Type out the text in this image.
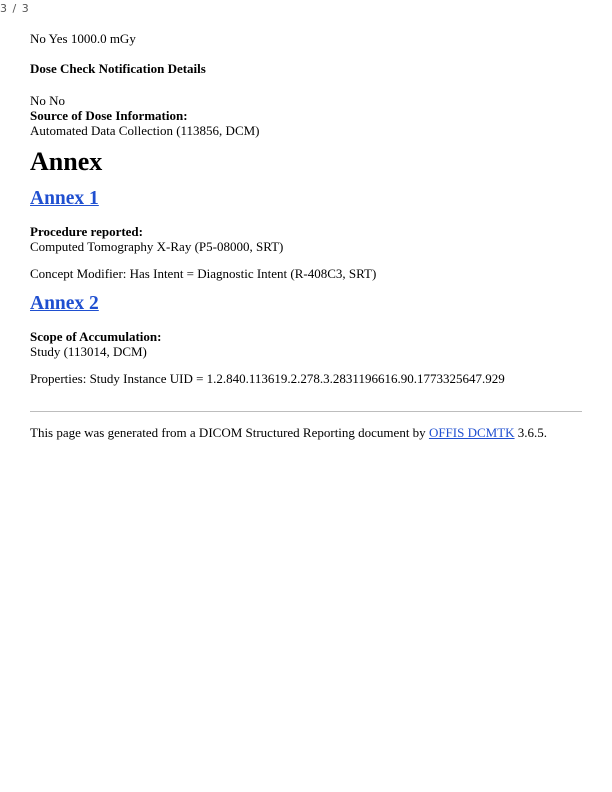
3 / 3
No Yes 1000.0 mGy
Dose Check Notification Details
No No
Source of Dose Information:
Automated Data Collection (113856, DCM)
Annex
Annex 1
Procedure reported:
Computed Tomography X-Ray (P5-08000, SRT)
Concept Modifier: Has Intent = Diagnostic Intent (R-408C3, SRT)
Annex 2
Scope of Accumulation:
Study (113014, DCM)
Properties: Study Instance UID = 1.2.840.113619.2.278.3.2831196616.90.1773325647.929
This page was generated from a DICOM Structured Reporting document by OFFIS DCMTK 3.6.5.
